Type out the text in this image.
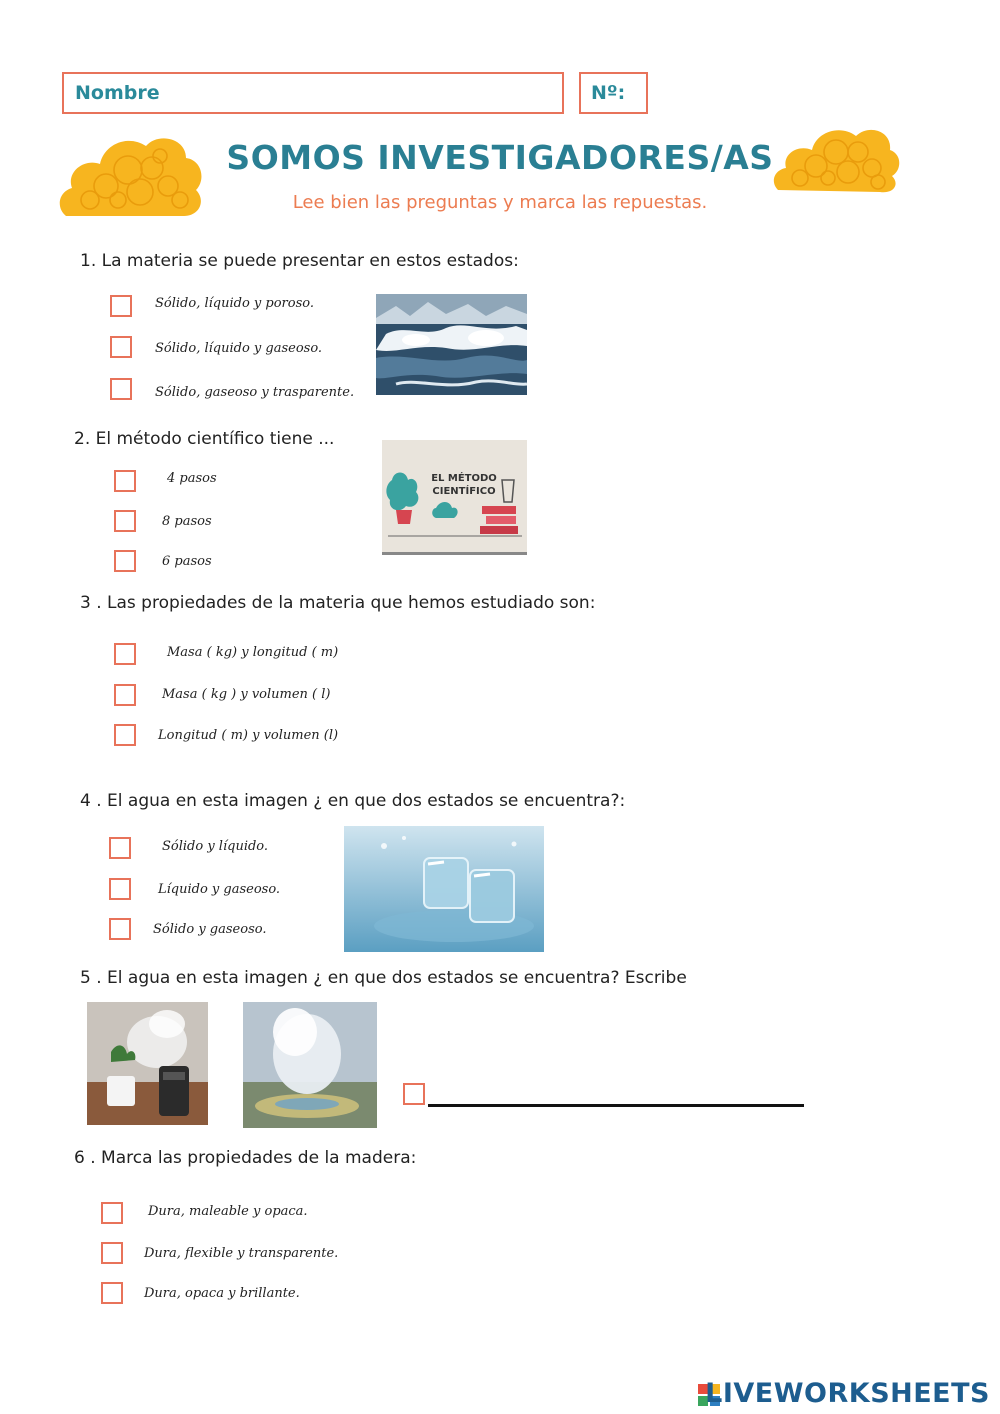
Nombre	Nº:
SOMOS INVESTIGADORES/AS
Lee bien las preguntas y marca las repuestas.
1. La materia se puede presentar en estos estados:
Sólido, líquido y poroso.
Sólido, líquido y gaseoso.
Sólido, gaseoso y trasparente.
2. El método científico tiene ...
4 pasos
8 pasos
6 pasos
EL MÉTODO CIENTÍFICO
3 . Las propiedades de la materia que hemos estudiado son:
Masa ( kg) y longitud ( m)
Masa ( kg ) y volumen ( l)
Longitud ( m) y volumen (l)
4 . El agua en esta imagen ¿ en que dos estados se encuentra?:
Sólido y líquido.
Líquido y gaseoso.
Sólido y gaseoso.
5 . El agua en esta imagen ¿ en que dos estados se encuentra? Escribe
6 . Marca las propiedades de la madera:
Dura, maleable y opaca.
Dura, flexible y transparente.
Dura, opaca y brillante.
LIVEWORKSHEETS
